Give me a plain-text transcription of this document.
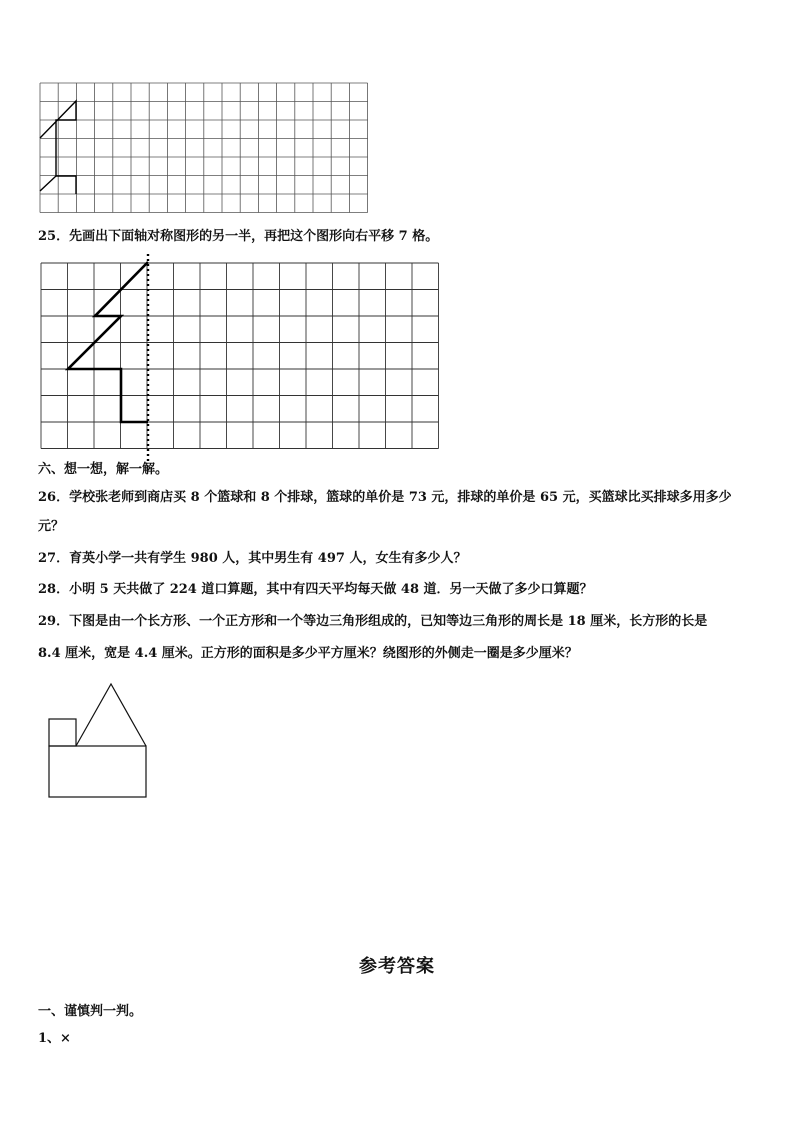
25．先画出下面轴对称图形的另一半，再把这个图形向右平移 7 格。
六、想一想，解一解。
26．学校张老师到商店买 8 个篮球和 8 个排球，篮球的单价是 73 元，排球的单价是 65 元，买篮球比买排球多用多少
元？
27．育英小学一共有学生 980 人，其中男生有 497 人，女生有多少人？
28．小明 5 天共做了 224 道口算题，其中有四天平均每天做 48 道．另一天做了多少口算题？
29．下图是由一个长方形、一个正方形和一个等边三角形组成的，已知等边三角形的周长是 18 厘米，长方形的长是
8.4 厘米，宽是 4.4 厘米。正方形的面积是多少平方厘米？绕图形的外侧走一圈是多少厘米？
参考答案
一、谨慎判一判。
1、×
